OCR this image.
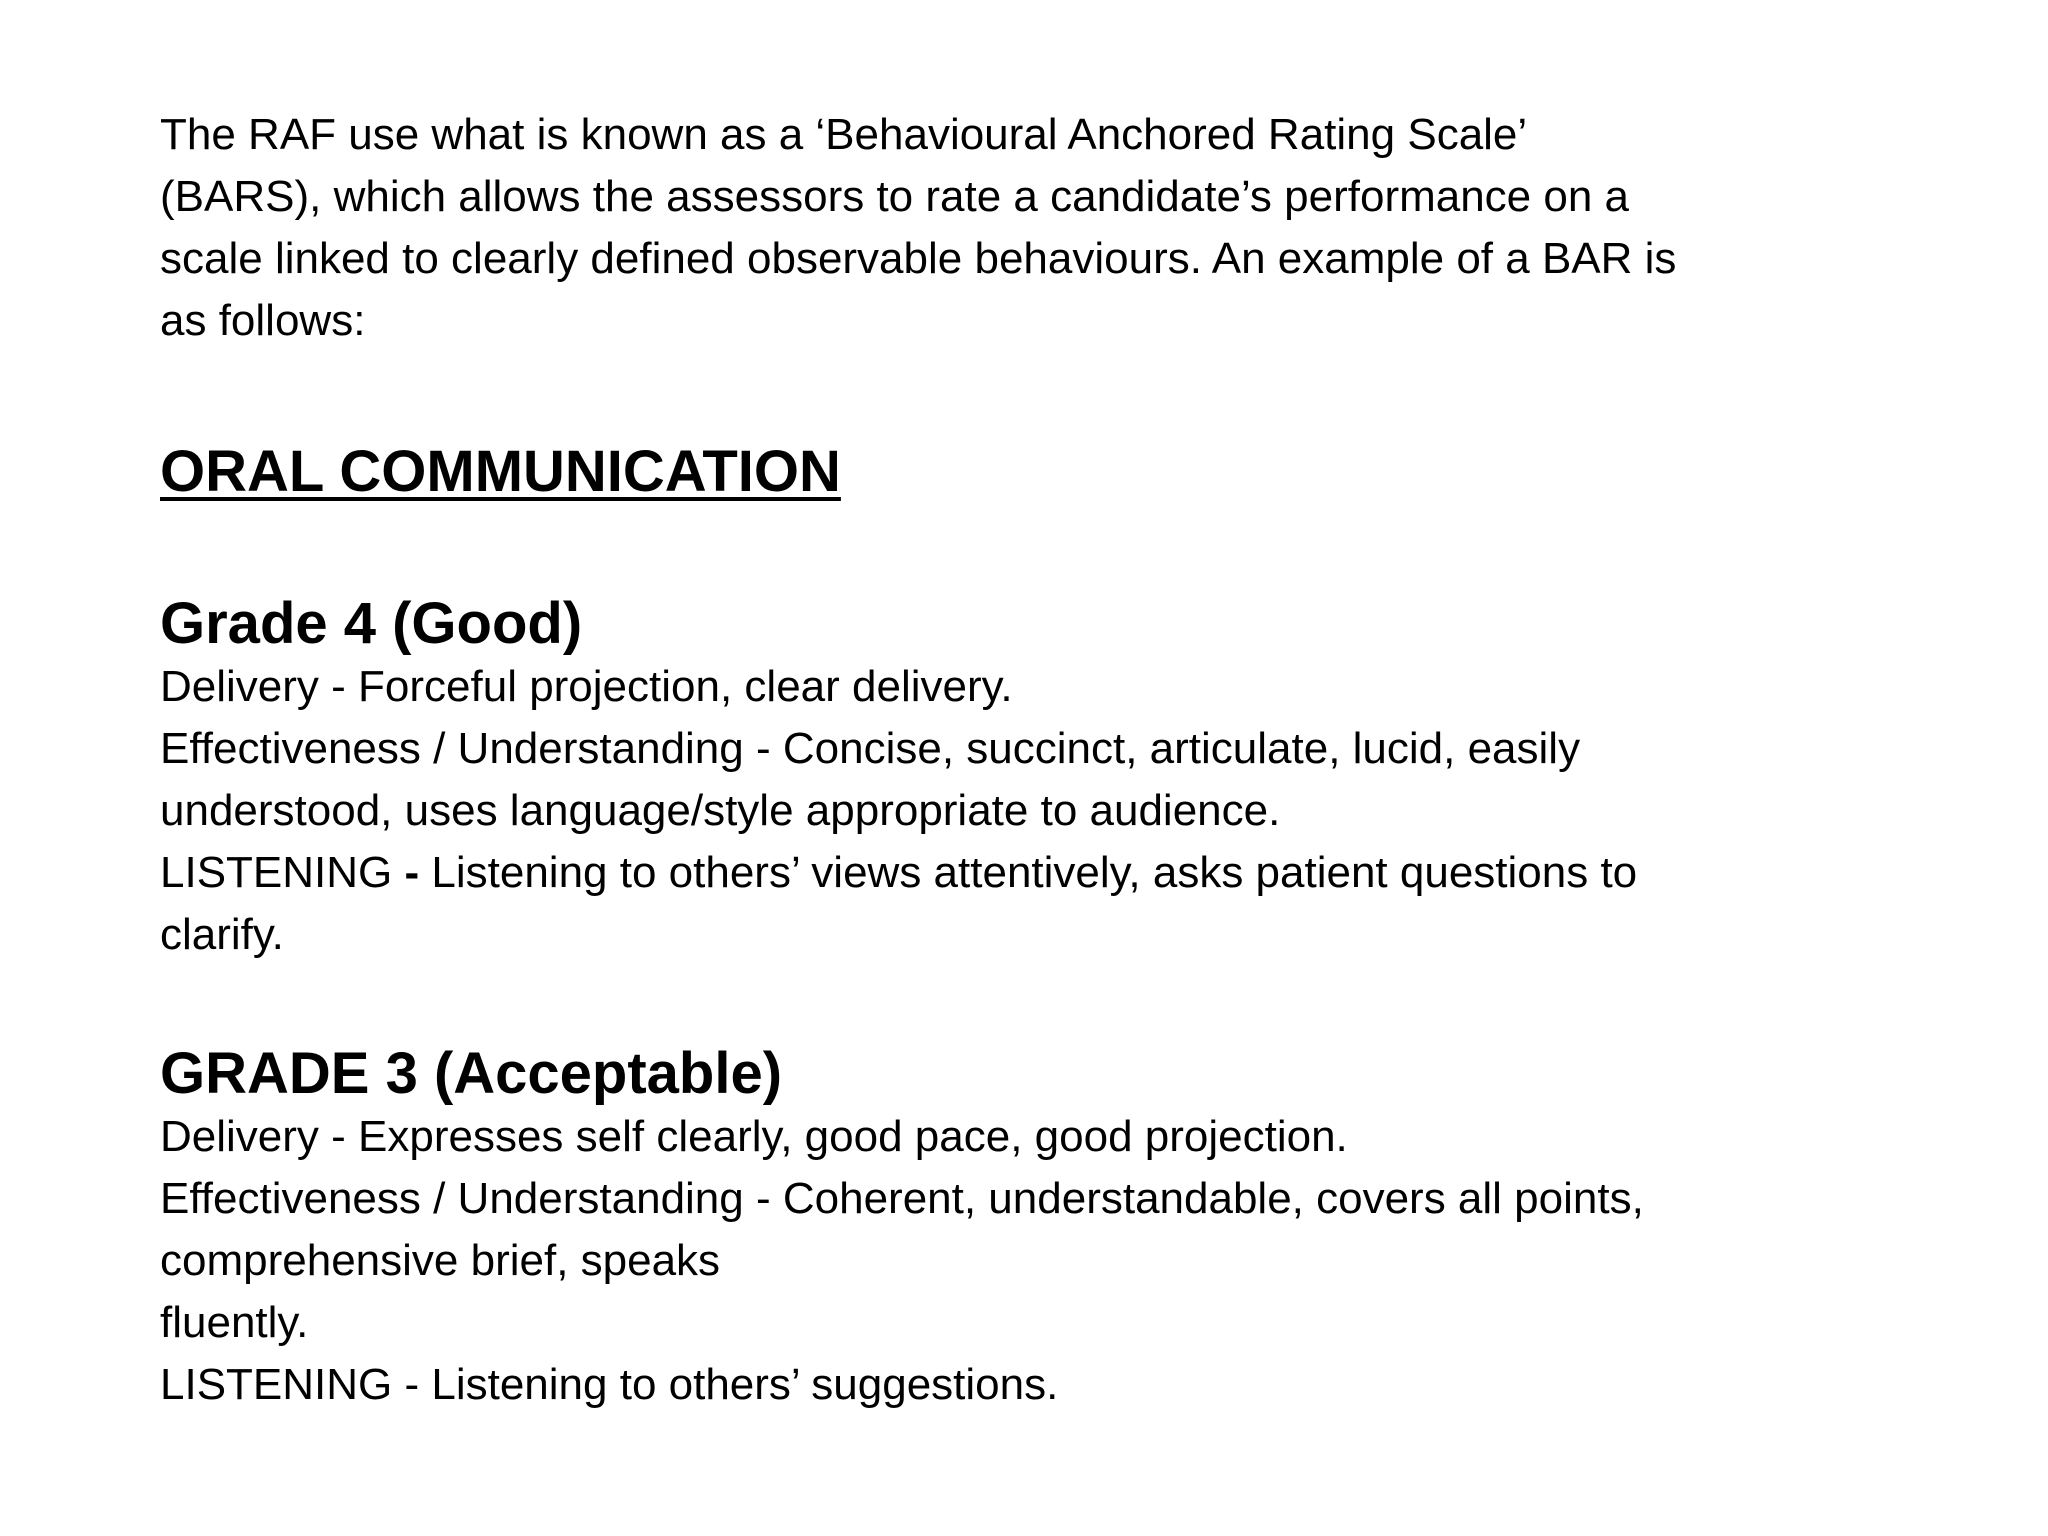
The RAF use what is known as a ‘Behavioural Anchored Rating Scale’

(BARS), which allows the assessors to rate a candidate’s performance on a

scale linked to clearly defined observable behaviours. An example of a BAR is

as follows:

ORAL COMMUNICATION
Grade 4 (Good)

Delivery - Forceful projection, clear delivery.

Effectiveness / Understanding - Concise, succinct, articulate, lucid, easily

understood, uses language/style appropriate to audience.

LISTENING - Listening to others’ views attentively, asks patient questions to

clarify.

GRADE 3 (Acceptable)

Delivery - Expresses self clearly, good pace, good projection.

Effectiveness / Understanding - Coherent, understandable, covers all points,

comprehensive brief, speaks

fluently.

LISTENING - Listening to others’ suggestions.
